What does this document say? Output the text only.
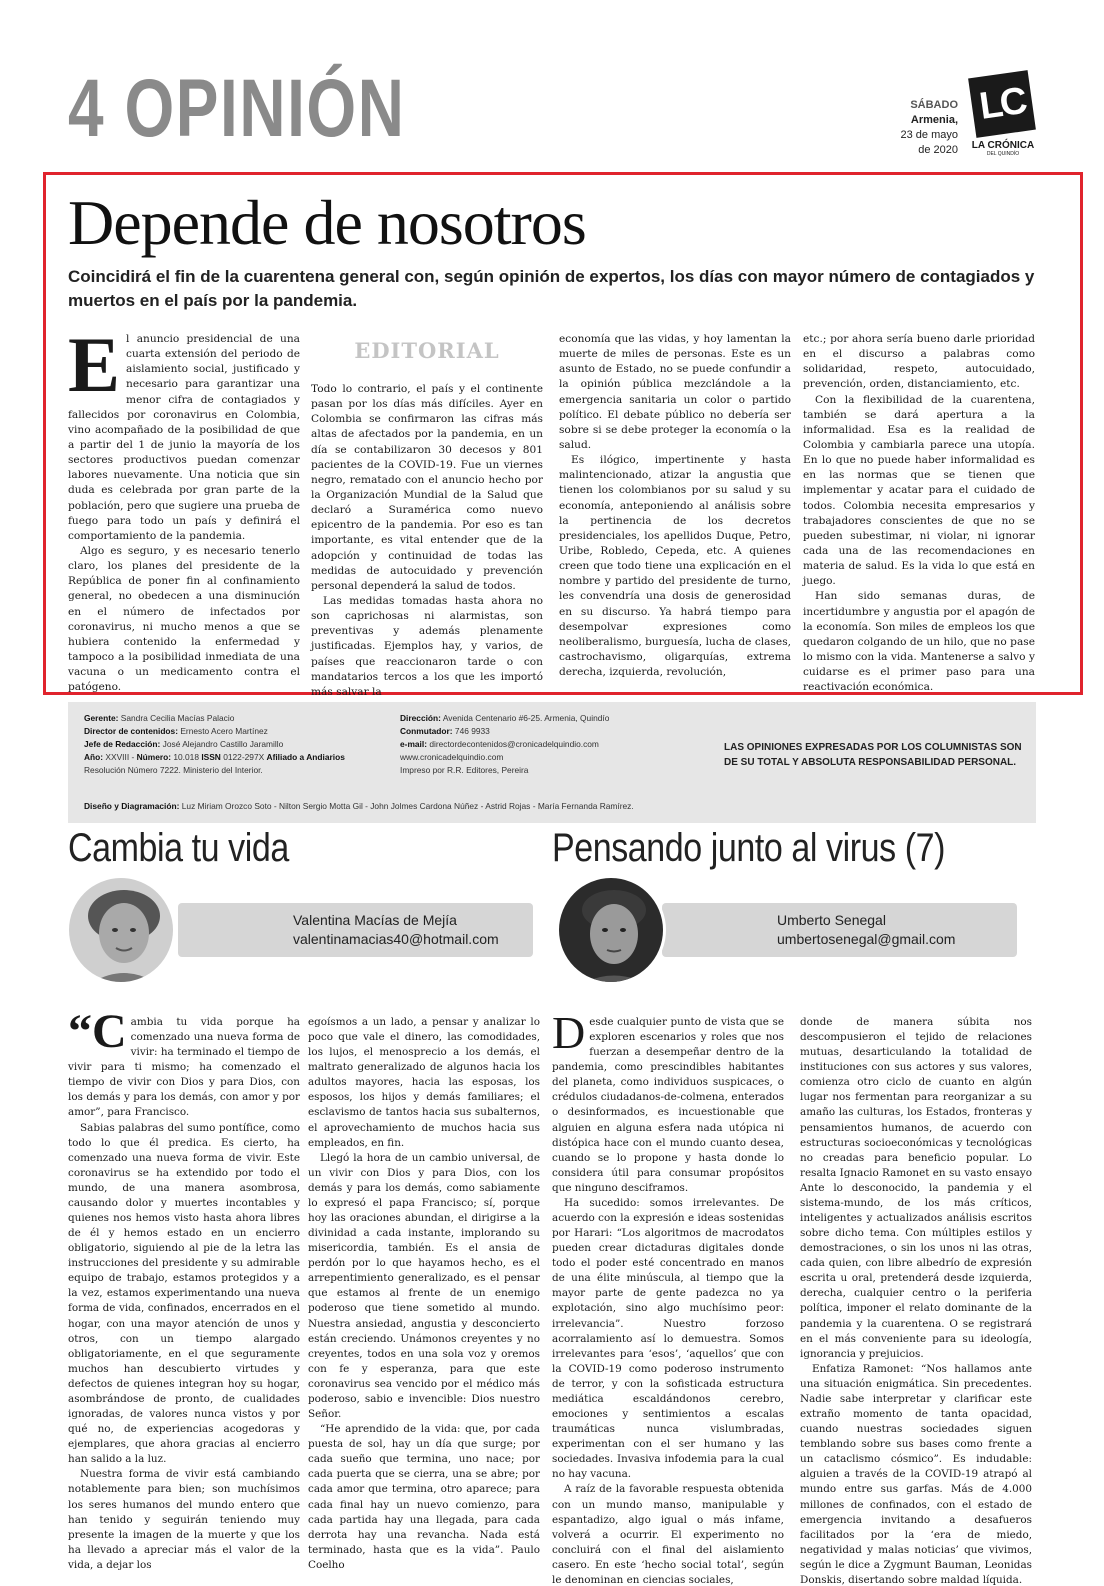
4 OPINIÓN	SÁBADO
Armenia,
23 de mayo
de 2020
LC
LA CRÓNICA
DEL QUINDÍO
Depende de nosotros
Coincidirá el fin de la cuarentena general con, según opinión de expertos, los días con mayor número de contagiados y muertos en el país por la pandemia.

El anuncio presidencial de una cuarta extensión del periodo de aislamiento social, justificado y necesario para garantizar una menor cifra de contagiados y fallecidos por coronavirus en Colombia, vino acompañado de la posibilidad de que a partir del 1 de junio la mayoría de los sectores productivos puedan comenzar labores nuevamente. Una noticia que sin duda es celebrada por gran parte de la población, pero que sugiere una prueba de fuego para todo un país y definirá el comportamiento de la pandemia.

Algo es seguro, y es necesario tenerlo claro, los planes del presidente de la República de poner fin al confinamiento general, no obedecen a una disminución en el número de infectados por coronavirus, ni mucho menos a que se hubiera contenido la enfermedad y tampoco a la posibilidad inmediata de una vacuna o un medicamento contra el patógeno.

EDITORIAL

Todo lo contrario, el país y el continente pasan por los días más difíciles. Ayer en Colombia se confirmaron las cifras más altas de afectados por la pandemia, en un día se contabilizaron 30 decesos y 801 pacientes de la COVID-19. Fue un viernes negro, rematado con el anuncio hecho por la Organización Mundial de la Salud que declaró a Suramérica como nuevo epicentro de la pandemia. Por eso es tan importante, es vital entender que de la adopción y continuidad de todas las medidas de autocuidado y prevención personal dependerá la salud de todos.

Las medidas tomadas hasta ahora no son caprichosas ni alarmistas, son preventivas y además plenamente justificadas. Ejemplos hay, y varios, de países que reaccionaron tarde o con mandatarios tercos a los que les importó más salvar la

economía que las vidas, y hoy lamentan la muerte de miles de personas. Este es un asunto de Estado, no se puede confundir a la opinión pública mezclándole a la emergencia sanitaria un color o partido político. El debate público no debería ser sobre si se debe proteger la economía o la salud.

Es ilógico, impertinente y hasta malintencionado, atizar la angustia que tienen los colombianos por su salud y su economía, anteponiendo al análisis sobre la pertinencia de los decretos presidenciales, los apellidos Duque, Petro, Uribe, Robledo, Cepeda, etc. A quienes creen que todo tiene una explicación en el nombre y partido del presidente de turno, les convendría una dosis de generosidad en su discurso. Ya habrá tiempo para desempolvar expresiones como neoliberalismo, burguesía, lucha de clases, castrochavismo, oligarquías, extrema derecha, izquierda, revolución,

etc.; por ahora sería bueno darle prioridad en el discurso a palabras como solidaridad, respeto, autocuidado, prevención, orden, distanciamiento, etc.

Con la flexibilidad de la cuarentena, también se dará apertura a la informalidad. Esa es la realidad de Colombia y cambiarla parece una utopía. En lo que no puede haber informalidad es en las normas que se tienen que implementar y acatar para el cuidado de todos. Colombia necesita empresarios y trabajadores conscientes de que no se pueden subestimar, ni violar, ni ignorar cada una de las recomendaciones en materia de salud. Es la vida lo que está en juego.

Han sido semanas duras, de incertidumbre y angustia por el apagón de la economía. Son miles de empleos los que quedaron colgando de un hilo, que no pase lo mismo con la vida. Mantenerse a salvo y cuidarse es el primer paso para una reactivación económica.

Gerente: Sandra Cecilia Macías Palacio
Director de contenidos: Ernesto Acero Martínez
Jefe de Redacción: José Alejandro Castillo Jaramillo
Año: XXVIII - Número: 10.018 ISSN 0122-297X Afiliado a Andiarios
Resolución Número 7222. Ministerio del Interior.
Dirección: Avenida Centenario #6-25. Armenia, Quindío
Conmutador: 746 9933
e-mail: directordecontenidos@cronicadelquindio.com
www.cronicadelquindio.com
Impreso por R.R. Editores, Pereira
LAS OPINIONES EXPRESADAS POR LOS COLUMNISTAS SON DE SU TOTAL Y ABSOLUTA RESPONSABILIDAD PERSONAL.
Diseño y Diagramación: Luz Miriam Orozco Soto - Nilton Sergio Motta Gil - John Jolmes Cardona Núñez - Astrid Rojas - María Fernanda Ramírez.
Cambia tu vida
Valentina Macías de Mejía
valentinamacias40@hotmail.com

“Cambia tu vida porque ha comenzado una nueva forma de vivir: ha terminado el tiempo de vivir para ti mismo; ha comenzado el tiempo de vivir con Dios y para Dios, con los demás y para los demás, con amor y por amor”, para Francisco.

Sabias palabras del sumo pontífice, como todo lo que él predica. Es cierto, ha comenzado una nueva forma de vivir. Este coronavirus se ha extendido por todo el mundo, de una manera asombrosa, causando dolor y muertes incontables y quienes nos hemos visto hasta ahora libres de él y hemos estado en un encierro obligatorio, siguiendo al pie de la letra las instrucciones del presidente y su admirable equipo de trabajo, estamos protegidos y a la vez, estamos experimentando una nueva forma de vida, confinados, encerrados en el hogar, con una mayor atención de unos y otros, con un tiempo alargado obligatoriamente, en el que seguramente muchos han descubierto virtudes y defectos de quienes integran hoy su hogar, asombrándose de pronto, de cualidades ignoradas, de valores nunca vistos y por qué no, de experiencias acogedoras y ejemplares, que ahora gracias al encierro han salido a la luz.

Nuestra forma de vivir está cambiando notablemente para bien; son muchísimos los seres humanos del mundo entero que han tenido y seguirán teniendo muy presente la imagen de la muerte y que los ha llevado a apreciar más el valor de la vida, a dejar los

egoísmos a un lado, a pensar y analizar lo poco que vale el dinero, las comodidades, los lujos, el menosprecio a los demás, el maltrato generalizado de algunos hacia los adultos mayores, hacia las esposas, los esposos, los hijos y demás familiares; el esclavismo de tantos hacia sus subalternos, el aprovechamiento de muchos hacia sus empleados, en fin.

Llegó la hora de un cambio universal, de un vivir con Dios y para Dios, con los demás y para los demás, como sabiamente lo expresó el papa Francisco; sí, porque hoy las oraciones abundan, el dirigirse a la divinidad a cada instante, implorando su misericordia, también. Es el ansia de perdón por lo que hayamos hecho, es el arrepentimiento generalizado, es el pensar que estamos al frente de un enemigo poderoso que tiene sometido al mundo. Nuestra ansiedad, angustia y desconcierto están creciendo. Unámonos creyentes y no creyentes, todos en una sola voz y oremos con fe y esperanza, para que este coronavirus sea vencido por el médico más poderoso, sabio e invencible: Dios nuestro Señor.

“He aprendido de la vida: que, por cada puesta de sol, hay un día que surge; por cada sueño que termina, uno nace; por cada puerta que se cierra, una se abre; por cada amor que termina, otro aparece; para cada final hay un nuevo comienzo, para cada partida hay una llegada, para cada derrota hay una revancha. Nada está terminado, hasta que es la vida”. Paulo Coelho

Pensando junto al virus (7)
Umberto Senegal
umbertosenegal@gmail.com

Desde cualquier punto de vista que se exploren escenarios y roles que nos fuerzan a desempeñar dentro de la pandemia, como prescindibles habitantes del planeta, como individuos suspicaces, o crédulos ciudadanos-de-colmena, enterados o desinformados, es incuestionable que alguien en alguna esfera nada utópica ni distópica hace con el mundo cuanto desea, cuando se lo propone y hasta donde lo considera útil para consumar propósitos que ninguno desciframos.

Ha sucedido: somos irrelevantes. De acuerdo con la expresión e ideas sostenidas por Harari: “Los algoritmos de macrodatos pueden crear dictaduras digitales donde todo el poder esté concentrado en manos de una élite minúscula, al tiempo que la mayor parte de gente padezca no ya explotación, sino algo muchísimo peor: irrelevancia”. Nuestro forzoso acorralamiento así lo demuestra. Somos irrelevantes para ‘esos’, ‘aquellos’ que con la COVID-19 como poderoso instrumento de terror, y con la sofisticada estructura mediática escaldándonos cerebro, emociones y sentimientos a escalas traumáticas nunca vislumbradas, experimentan con el ser humano y las sociedades. Invasiva infodemia para la cual no hay vacuna.

A raíz de la favorable respuesta obtenida con un mundo manso, manipulable y espantadizo, algo igual o más infame, volverá a ocurrir. El experimento no concluirá con el final del aislamiento casero. En este ‘hecho social total’, según le denominan en ciencias sociales,

donde de manera súbita nos descompusieron el tejido de relaciones mutuas, desarticulando la totalidad de instituciones con sus actores y sus valores, comienza otro ciclo de cuanto en algún lugar nos fermentan para reorganizar a su amaño las culturas, los Estados, fronteras y pensamientos humanos, de acuerdo con estructuras socioeconómicas y tecnológicas no creadas para beneficio popular. Lo resalta Ignacio Ramonet en su vasto ensayo Ante lo desconocido, la pandemia y el sistema-mundo, de los más críticos, inteligentes y actualizados análisis escritos sobre dicho tema. Con múltiples estilos y demostraciones, o sin los unos ni las otras, cada quien, con libre albedrío de expresión escrita u oral, pretenderá desde izquierda, derecha, cualquier centro o la periferia política, imponer el relato dominante de la pandemia y la cuarentena. O se registrará en el más conveniente para su ideología, ignorancia y prejuicios.

Enfatiza Ramonet: “Nos hallamos ante una situación enigmática. Sin precedentes. Nadie sabe interpretar y clarificar este extraño momento de tanta opacidad, cuando nuestras sociedades siguen temblando sobre sus bases como frente a un cataclismo cósmico”. Es indudable: alguien a través de la COVID-19 atrapó al mundo entre sus garfas. Más de 4.000 millones de confinados, con el estado de emergencia invitando a desafueros facilitados por la ‘era de miedo, negatividad y malas noticias’ que vivimos, según le dice a Zygmunt Bauman, Leonidas Donskis, disertando sobre maldad líquida.
